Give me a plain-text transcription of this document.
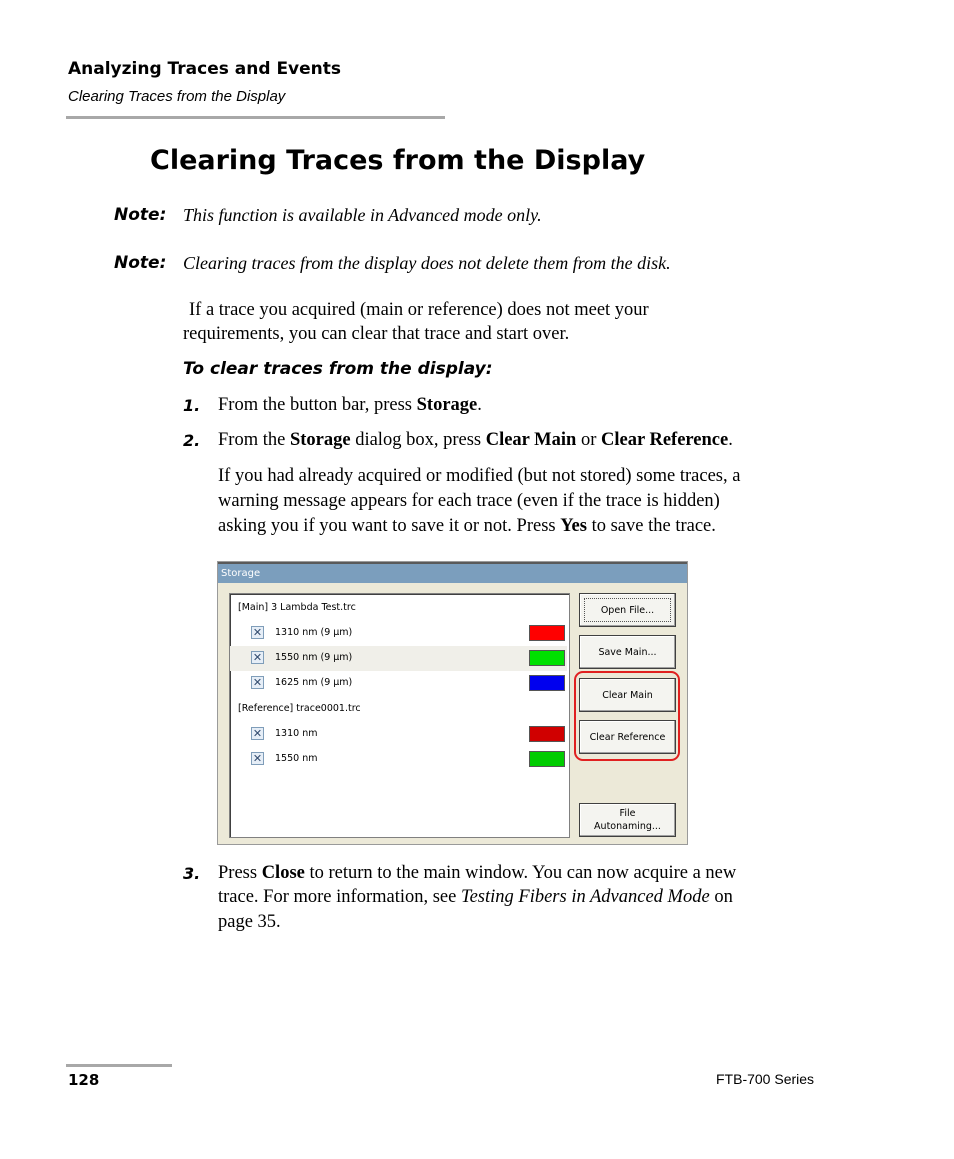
Analyzing Traces and Events
Clearing Traces from the Display
Clearing Traces from the Display
Note: This function is available in Advanced mode only.
Note: Clearing traces from the display does not delete them from the disk.
If a trace you acquired (main or reference) does not meet your
requirements, you can clear that trace and start over.
To clear traces from the display:
1. From the button bar, press Storage.
2. From the Storage dialog box, press Clear Main or Clear Reference.
If you had already acquired or modified (but not stored) some traces, a
warning message appears for each trace (even if the trace is hidden)
asking you if you want to save it or not. Press Yes to save the trace.
Storage
[Main] 3 Lambda Test.trc
✕ 1310 nm (9 µm)
✕ 1550 nm (9 µm)
✕ 1625 nm (9 µm)
[Reference] trace0001.trc
✕ 1310 nm
✕ 1550 nm
Open File...
Save Main...
Clear Main
Clear Reference
File
Autonaming...
3. Press Close to return to the main window. You can now acquire a new
trace. For more information, see Testing Fibers in Advanced Mode on
page 35.
128	FTB-700 Series
